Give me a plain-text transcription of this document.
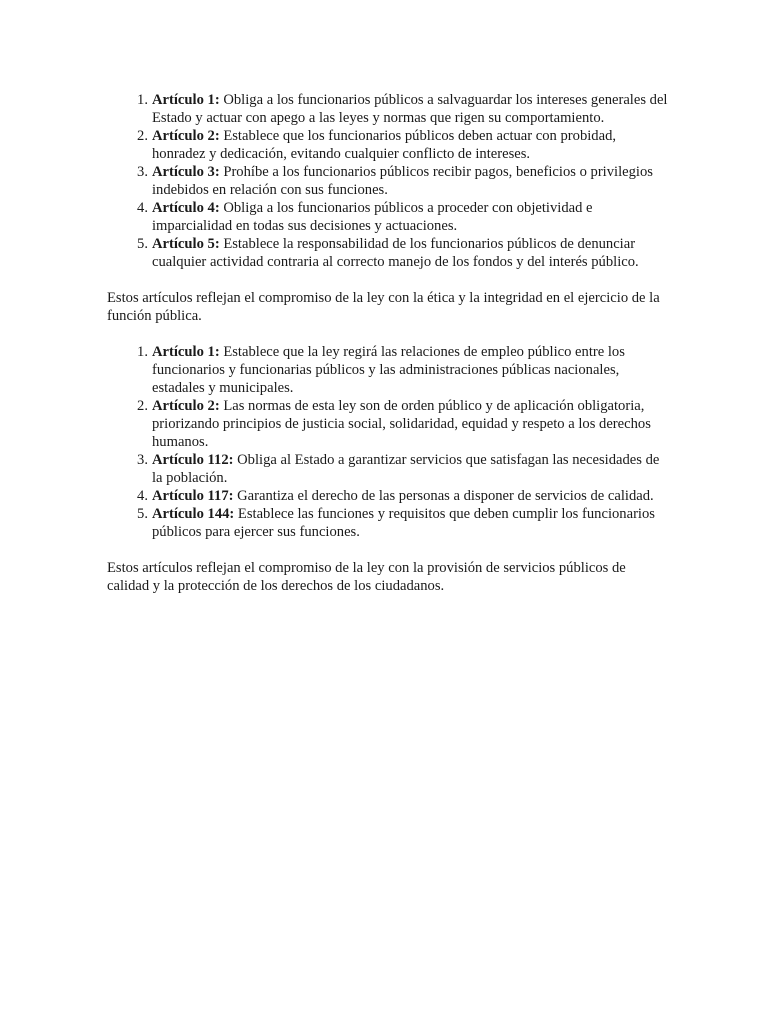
1. Artículo 1: Obliga a los funcionarios públicos a salvaguardar los intereses generales del Estado y actuar con apego a las leyes y normas que rigen su comportamiento.
2. Artículo 2: Establece que los funcionarios públicos deben actuar con probidad, honradez y dedicación, evitando cualquier conflicto de intereses.
3. Artículo 3: Prohíbe a los funcionarios públicos recibir pagos, beneficios o privilegios indebidos en relación con sus funciones.
4. Artículo 4: Obliga a los funcionarios públicos a proceder con objetividad e imparcialidad en todas sus decisiones y actuaciones.
5. Artículo 5: Establece la responsabilidad de los funcionarios públicos de denunciar cualquier actividad contraria al correcto manejo de los fondos y del interés público.

Estos artículos reflejan el compromiso de la ley con la ética y la integridad en el ejercicio de la función pública.

1. Artículo 1: Establece que la ley regirá las relaciones de empleo público entre los funcionarios y funcionarias públicos y las administraciones públicas nacionales, estadales y municipales.
2. Artículo 2: Las normas de esta ley son de orden público y de aplicación obligatoria, priorizando principios de justicia social, solidaridad, equidad y respeto a los derechos humanos.
3. Artículo 112: Obliga al Estado a garantizar servicios que satisfagan las necesidades de la población.
4. Artículo 117: Garantiza el derecho de las personas a disponer de servicios de calidad.
5. Artículo 144: Establece las funciones y requisitos que deben cumplir los funcionarios públicos para ejercer sus funciones.

Estos artículos reflejan el compromiso de la ley con la provisión de servicios públicos de calidad y la protección de los derechos de los ciudadanos.
